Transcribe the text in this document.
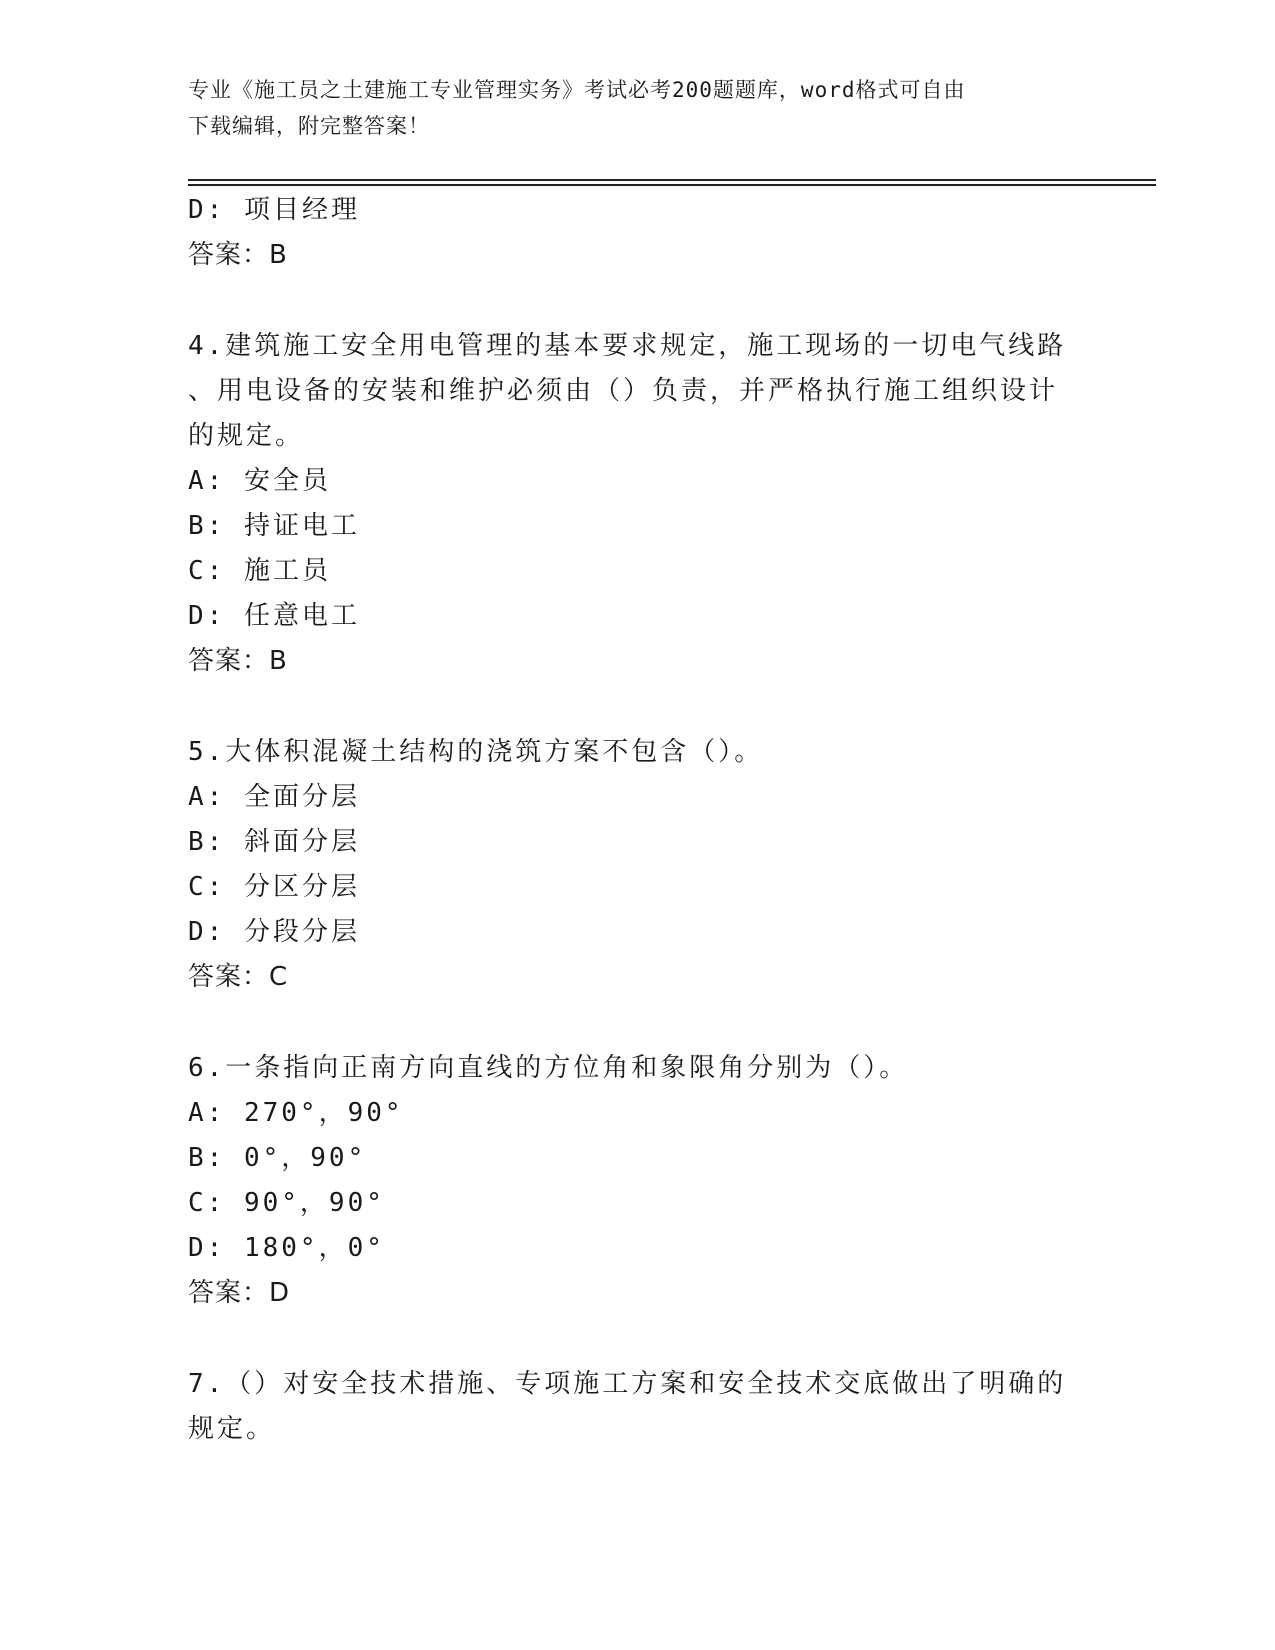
专业《施工员之土建施工专业管理实务》考试必考200题题库，word格式可自由
下载编辑，附完整答案！
D: 项目经理
答案：B
4.建筑施工安全用电管理的基本要求规定，施工现场的一切电气线路
、用电设备的安装和维护必须由（）负责，并严格执行施工组织设计
的规定。
A: 安全员
B: 持证电工
C: 施工员
D: 任意电工
答案：B
5.大体积混凝土结构的浇筑方案不包含（）。
A: 全面分层
B: 斜面分层
C: 分区分层
D: 分段分层
答案：C
6.一条指向正南方向直线的方位角和象限角分别为（）。
A: 270°，90°
B: 0°，90°
C: 90°，90°
D: 180°，0°
答案：D
7.（）对安全技术措施、专项施工方案和安全技术交底做出了明确的
规定。
